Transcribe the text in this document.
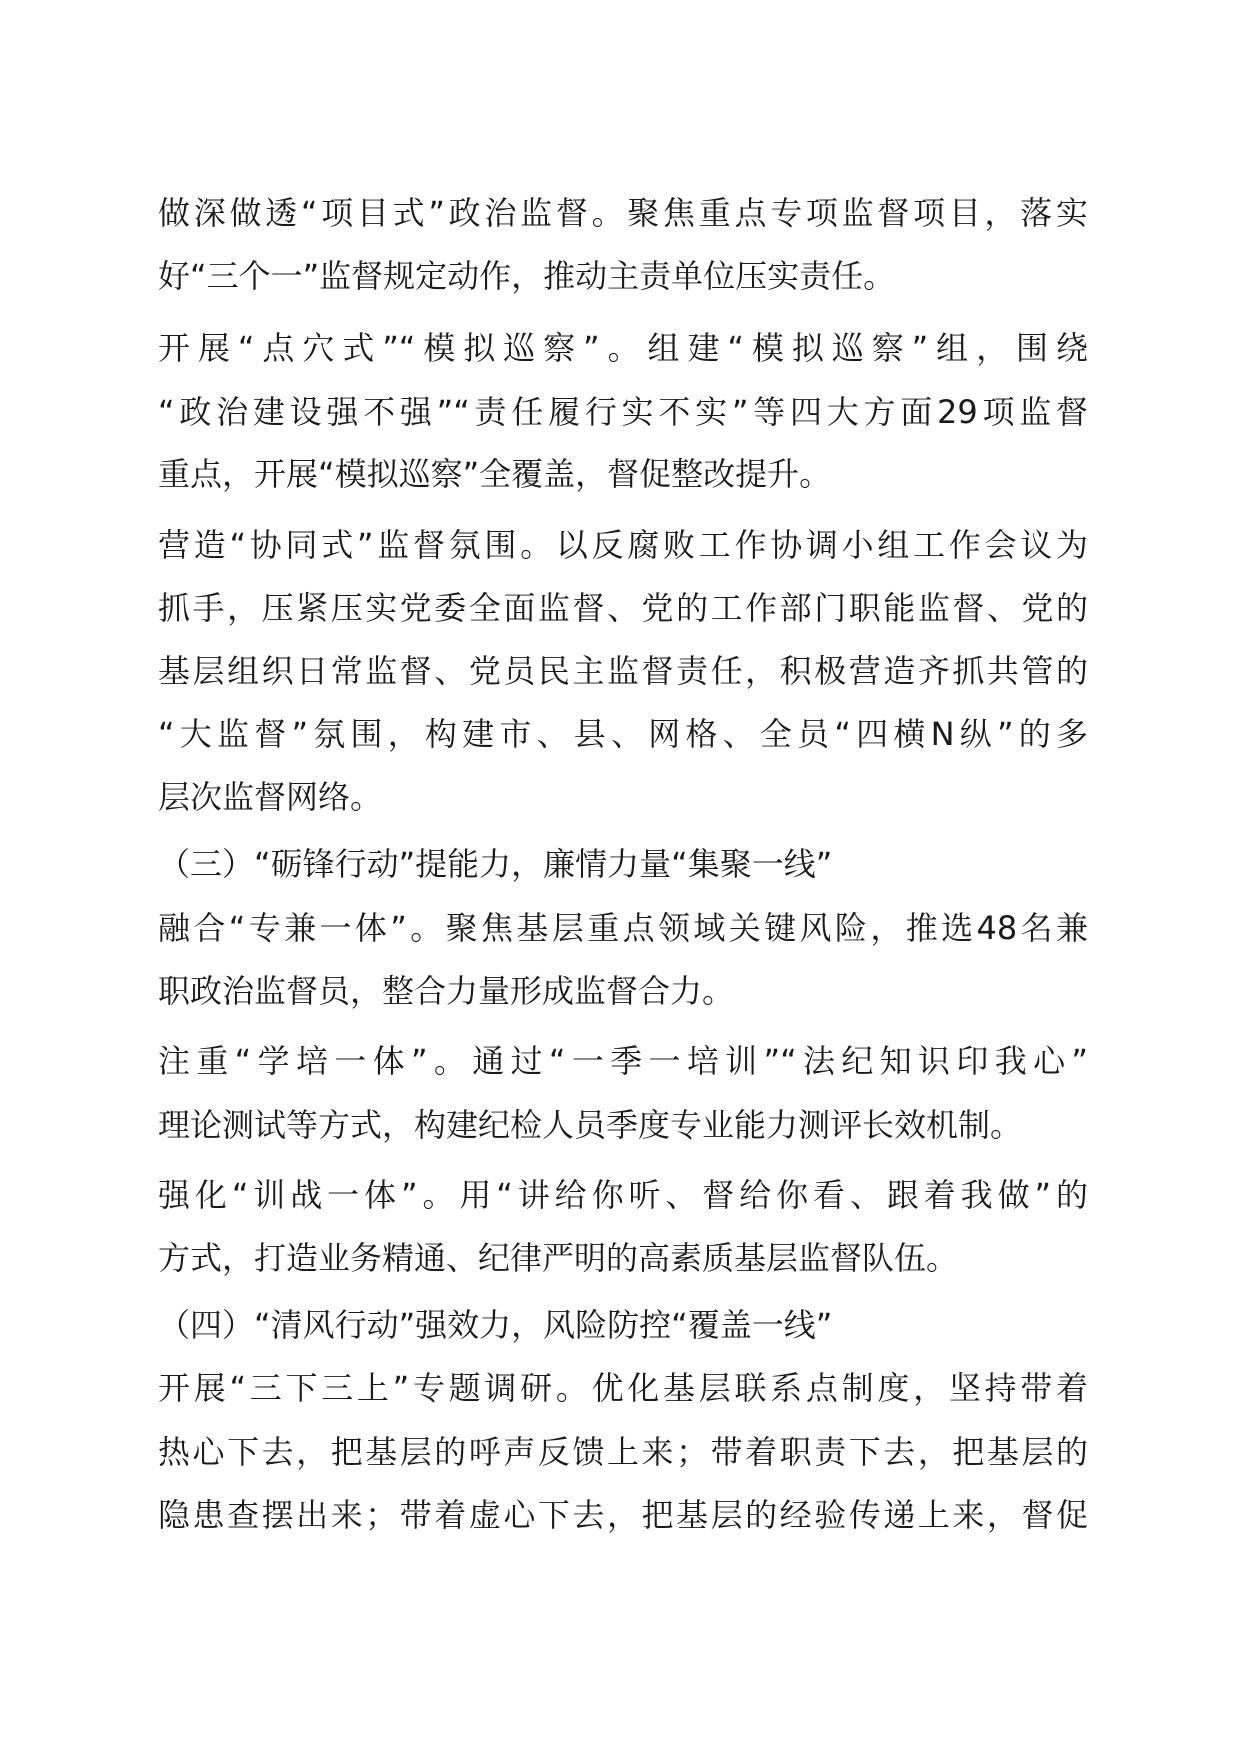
做深做透“项目式”政治监督。聚焦重点专项监督项目，落实
好“三个一”监督规定动作，推动主责单位压实责任。
开展“点穴式”“模拟巡察”。组建“模拟巡察”组，围绕
“政治建设强不强”“责任履行实不实”等四大方面29项监督
重点，开展“模拟巡察”全覆盖，督促整改提升。
营造“协同式”监督氛围。以反腐败工作协调小组工作会议为
抓手，压紧压实党委全面监督、党的工作部门职能监督、党的
基层组织日常监督、党员民主监督责任，积极营造齐抓共管的
“大监督”氛围，构建市、县、网格、全员“四横N纵”的多
层次监督网络。
（三）“砺锋行动”提能力，廉情力量“集聚一线”
融合“专兼一体”。聚焦基层重点领域关键风险，推选48名兼
职政治监督员，整合力量形成监督合力。
注重“学培一体”。通过“一季一培训”“法纪知识印我心”
理论测试等方式，构建纪检人员季度专业能力测评长效机制。
强化“训战一体”。用“讲给你听、督给你看、跟着我做”的
方式，打造业务精通、纪律严明的高素质基层监督队伍。
（四）“清风行动”强效力，风险防控“覆盖一线”
开展“三下三上”专题调研。优化基层联系点制度，坚持带着
热心下去，把基层的呼声反馈上来；带着职责下去，把基层的
隐患查摆出来；带着虚心下去，把基层的经验传递上来，督促
